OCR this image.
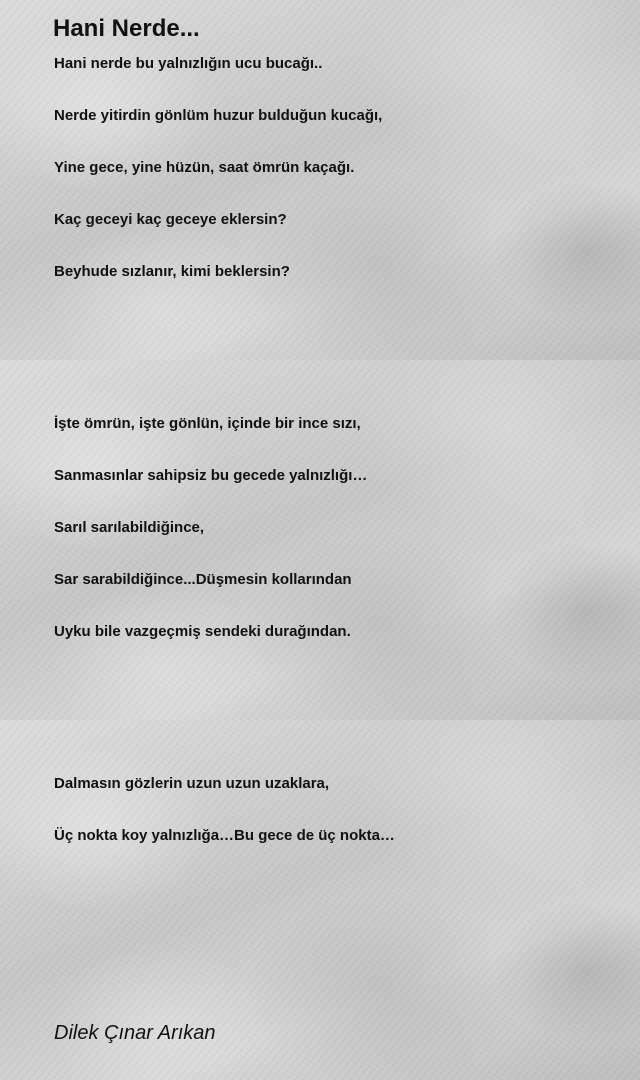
Hani Nerde...

Hani nerde bu yalnızlığın ucu bucağı..

Nerde yitirdin gönlüm huzur bulduğun kucağı,

Yine gece, yine hüzün, saat ömrün kaçağı.

Kaç geceyi kaç geceye eklersin?

Beyhude sızlanır, kimi beklersin?

İşte ömrün, işte gönlün, içinde bir ince sızı,

Sanmasınlar sahipsiz bu gecede yalnızlığı…

Sarıl sarılabildiğince,

Sar sarabildiğince...Düşmesin kollarından

Uyku bile vazgeçmiş sendeki durağından.

Dalmasın gözlerin uzun uzun uzaklara,

Üç nokta koy yalnızlığa…Bu gece de üç nokta…

Dilek Çınar Arıkan
